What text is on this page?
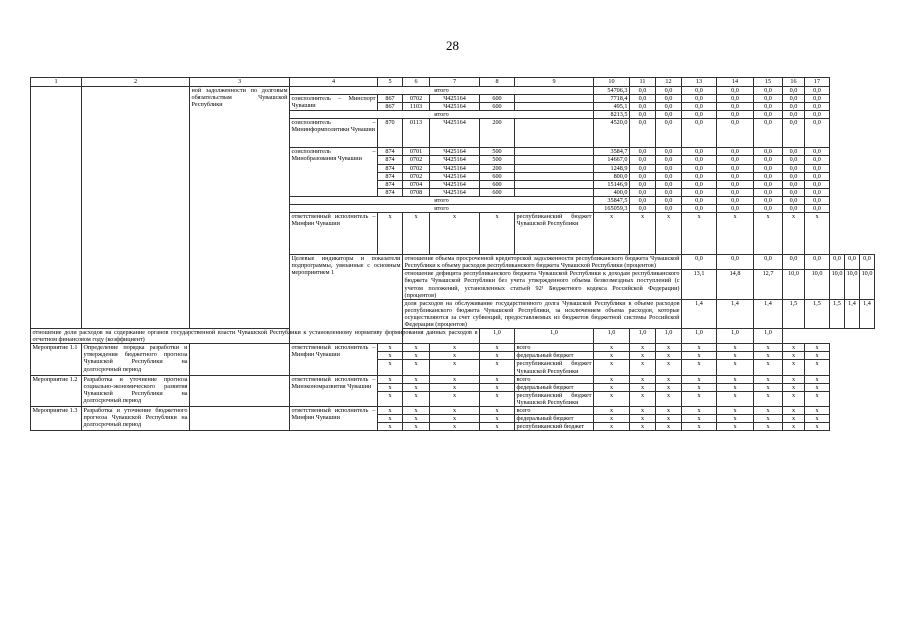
28
1	2	3	4	5	6	7	8	9	10	11	12	13	14	15	16	17			
		ной задолженности по долговым обязательствам Чувашской Республики	итого						54706,3	0,0	0,0	0,0	0,0	0,0	0,0	0,0			
			соисполнитель – Минспорт Чувашии	867	0702	Ч425164	600		7718,4	0,0	0,0	0,0	0,0	0,0	0,0	0,0			
				867	1103	Ч425164	600		495,1	0,0	0,0	0,0	0,0	0,0	0,0	0,0			
			итого						8213,5	0,0	0,0	0,0	0,0	0,0	0,0	0,0			
			соисполнитель – Мининформполитики Чувашии	870	0113	Ч425164	200		4520,0	0,0	0,0	0,0	0,0	0,0	0,0	0,0			
			соисполнитель – Минобразования Чувашии	874	0701	Ч425164	500		3584,7	0,0	0,0	0,0	0,0	0,0	0,0	0,0			
				874	0702	Ч425164	500		14667,0	0,0	0,0	0,0	0,0	0,0	0,0	0,0			
				874	0702	Ч425164	200		1248,9	0,0	0,0	0,0	0,0	0,0	0,0	0,0			
				874	0702	Ч425164	600		800,0	0,0	0,0	0,0	0,0	0,0	0,0	0,0			
				874	0704	Ч425164	600		15146,9	0,0	0,0	0,0	0,0	0,0	0,0	0,0			
				874	0708	Ч425164	600		400,0	0,0	0,0	0,0	0,0	0,0	0,0	0,0			
			итого						35847,5	0,0	0,0	0,0	0,0	0,0	0,0	0,0			
			итого						165059,3	0,0	0,0	0,0	0,0	0,0	0,0	0,0			
			ответственный исполнитель – Минфин Чувашии	x	x	x	x	республиканский бюджет Чувашской Республики	x	x	x	x	x	x	x	x			
			Целевые индикаторы и показатели подпрограммы, увязанные с основным мероприятием 1		отношение объема просроченной кредиторской задолженности республиканского бюджета Чувашской Республики к объему расходов республиканского бюджета Чувашской Республики (процентов)							0,0	0,0	0,0	0,0	0,0	0,0	0,0	0,0
					отношение дефицита республиканского бюджета Чувашской Республики к доходам республиканского бюджета Чувашской Республики без учета утвержденного объема безвозмездных поступлений (с учетом положений, установленных статьей 92¹ Бюджетного кодекса Российской Федерации) (процентов)							13,1	14,8	12,7	10,0	10,0	10,0	10,0	10,0
					доля расходов на обслуживание государственного долга Чувашской Республики в объеме расходов республиканского бюджета Чувашской Республики, за исключением объема расходов, которые осуществляются за счет субвенций, предоставляемых из бюджетов бюджетной системы Российской Федерации (процентов)							1,4	1,4	1,4	1,5	1,5	1,5	1,4	1,4
отношение доли расходов на содержание органов государственной власти Чувашской Республики к установленному нормативу формирования данных расходов в отчетном финансовом году (коэффициент)							1,0	1,0	1,0	1,0	1,0	1,0	1,0	1,0					
Мероприятие 1.1	Определение порядка разработки и утверждения бюджетного прогноза Чувашской Республики на долгосрочный период		ответственный исполнитель – Минфин Чувашии	x	x	x	x	всего	x	x	x	x	x	x	x	x			
				x	x	x	x	федеральный бюджет	x	x	x	x	x	x	x	x			
				x	x	x	x	республиканский бюджет Чувашской Республики	x	x	x	x	x	x	x	x			
Мероприятие 1.2	Разработка и уточнение прогноза социально-экономического развития Чувашской Республики на долгосрочный период		ответственный исполнитель – Минэкономразвития Чувашии	x	x	x	x	всего	x	x	x	x	x	x	x	x			
				x	x	x	x	федеральный бюджет	x	x	x	x	x	x	x	x			
				x	x	x	x	республиканский бюджет Чувашской Республики	x	x	x	x	x	x	x	x			
Мероприятие 1.3	Разработка и уточнение бюджетного прогноза Чувашской Республики на долгосрочный период		ответственный исполнитель – Минфин Чувашии	x	x	x	x	всего	x	x	x	x	x	x	x	x			
				x	x	x	x	федеральный бюджет	x	x	x	x	x	x	x	x			
				x	x	x	x	республиканский бюджет	x	x	x	x	x	x	x	x			
